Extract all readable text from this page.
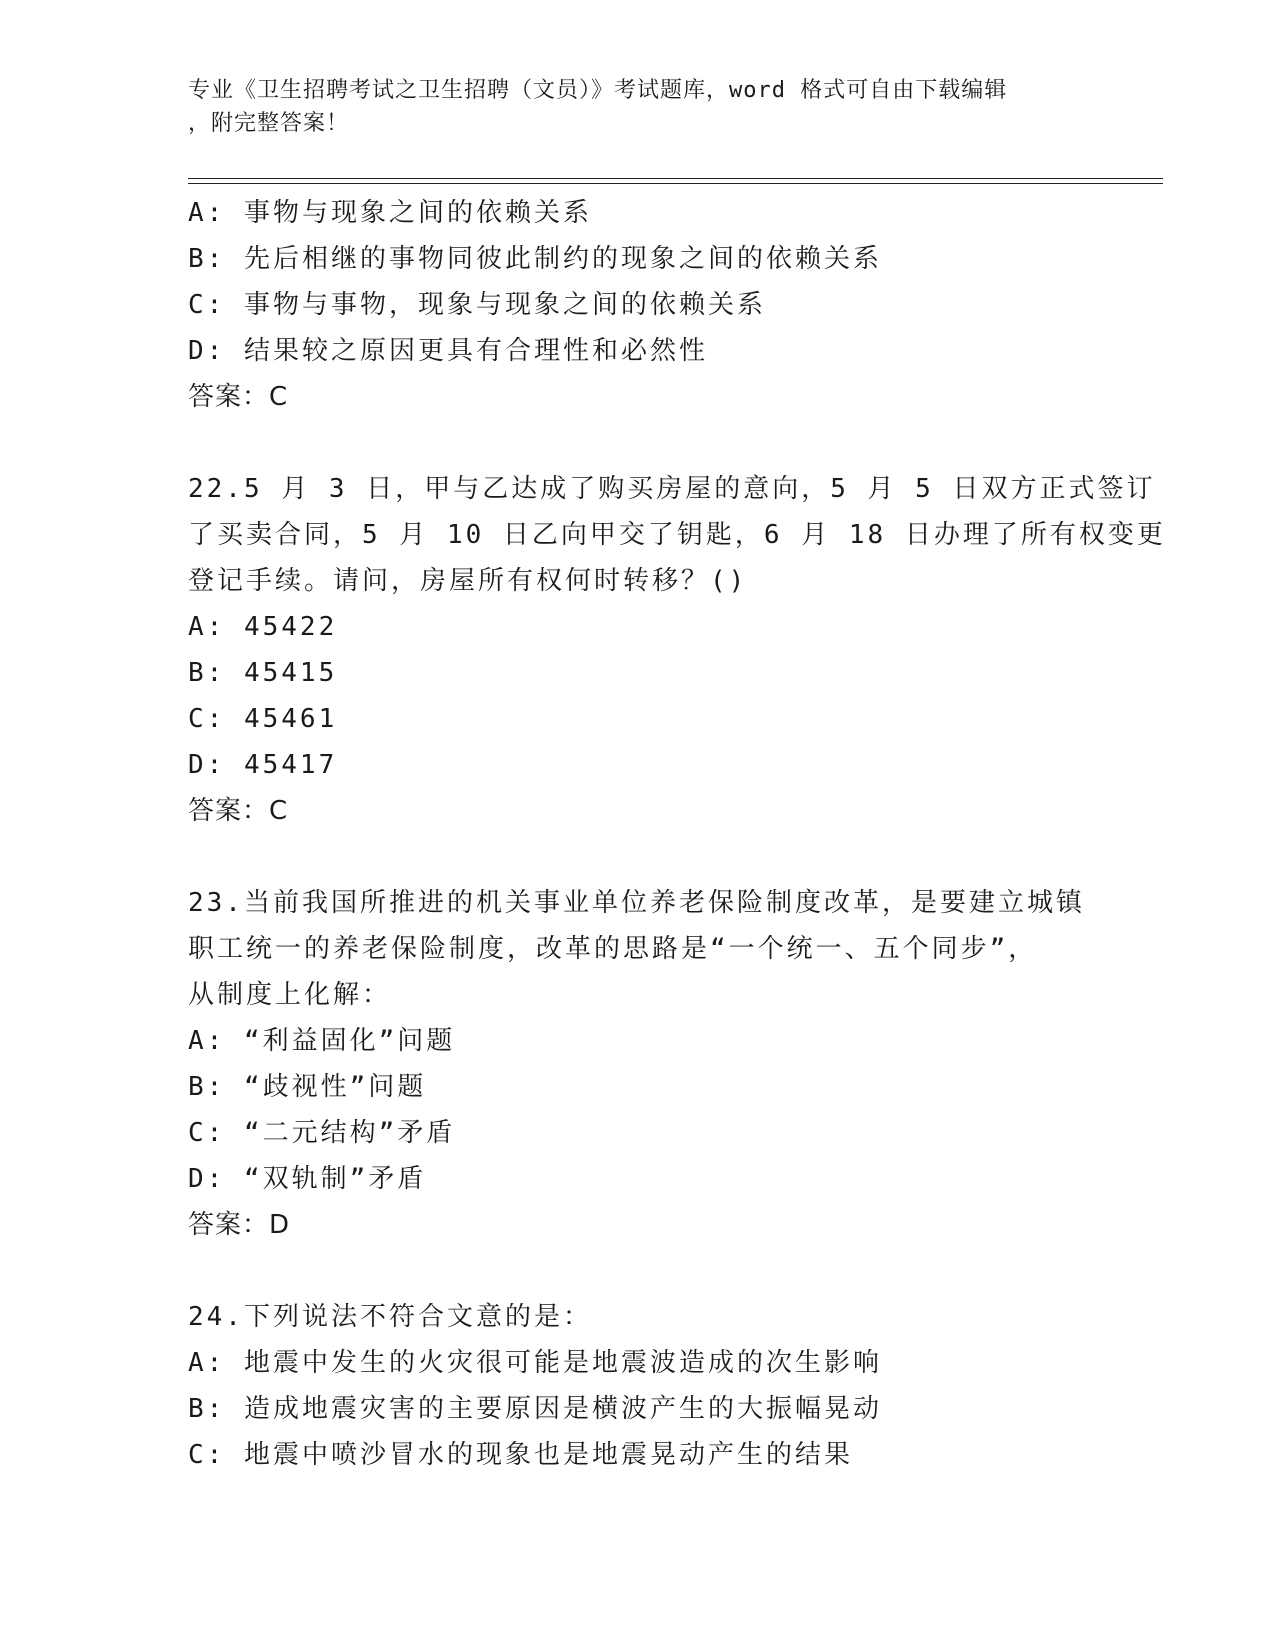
专业《卫生招聘考试之卫生招聘（文员）》考试题库，word 格式可自由下载编辑
，附完整答案！
A: 事物与现象之间的依赖关系
B: 先后相继的事物同彼此制约的现象之间的依赖关系
C: 事物与事物，现象与现象之间的依赖关系
D: 结果较之原因更具有合理性和必然性
答案：C
22.5 月 3 日，甲与乙达成了购买房屋的意向，5 月 5 日双方正式签订
了买卖合同，5 月 10 日乙向甲交了钥匙，6 月 18 日办理了所有权变更
登记手续。请问，房屋所有权何时转移？()
A: 45422
B: 45415
C: 45461
D: 45417
答案：C
23.当前我国所推进的机关事业单位养老保险制度改革，是要建立城镇
职工统一的养老保险制度，改革的思路是“一个统一、五个同步”，
从制度上化解：
A: “利益固化”问题
B: “歧视性”问题
C: “二元结构”矛盾
D: “双轨制”矛盾
答案：D
24.下列说法不符合文意的是：
A: 地震中发生的火灾很可能是地震波造成的次生影响
B: 造成地震灾害的主要原因是横波产生的大振幅晃动
C: 地震中喷沙冒水的现象也是地震晃动产生的结果
